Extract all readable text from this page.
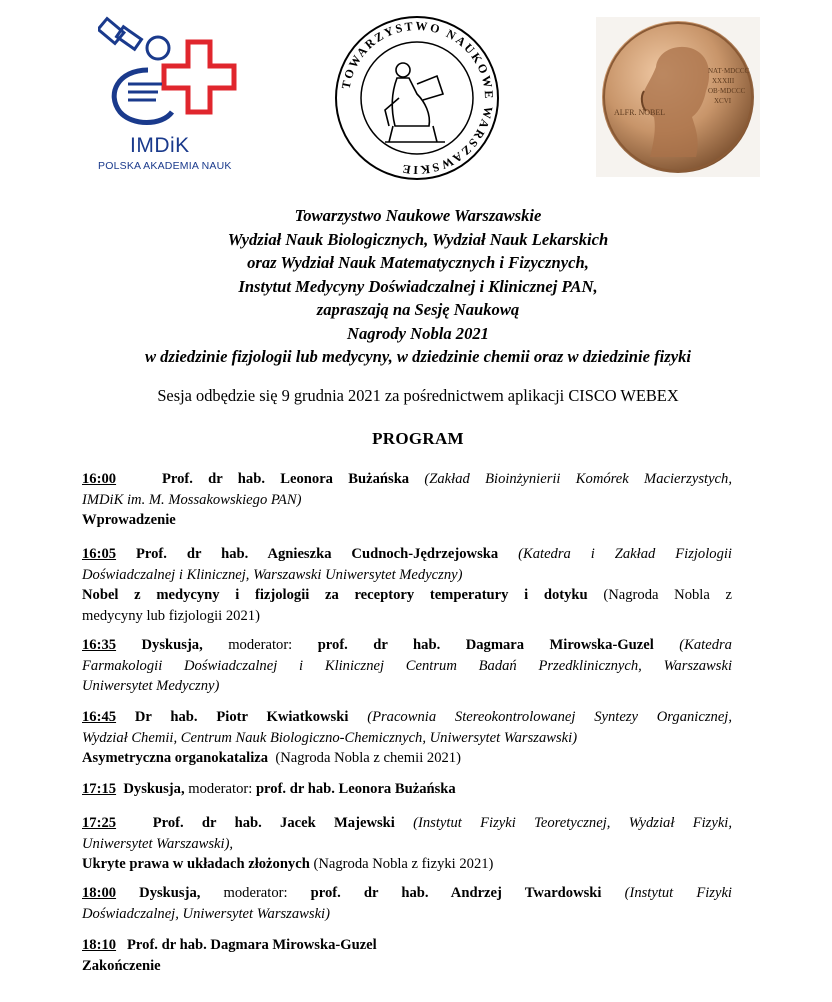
IMDiK
POLSKA AKADEMIA NAUK
TOWARZYSTWO NAUKOWE WARSZAWSKIE
NAT·MDCCC
XXXIII
OB·MDCCC
XCVI
ALFR. NOBEL
Towarzystwo Naukowe Warszawskie
Wydział Nauk Biologicznych, Wydział Nauk Lekarskich
oraz Wydział Nauk Matematycznych i Fizycznych,
Instytut Medycyny Doświadczalnej i Klinicznej PAN,
zapraszają na Sesję Naukową
Nagrody Nobla 2021
w dziedzinie fizjologii lub medycyny, w dziedzinie chemii oraz w dziedzinie fizyki
Sesja odbędzie się 9 grudnia 2021 za pośrednictwem aplikacji CISCO WEBEX
PROGRAM
16:00	Prof. dr hab. Leonora Bużańska (Zakład Bioinżynierii Komórek Macierzystych,
IMDiK im. M. Mossakowskiego PAN)
Wprowadzenie
16:05 Prof. dr hab. Agnieszka Cudnoch-Jędrzejowska (Katedra i Zakład Fizjologii
Doświadczalnej i Klinicznej, Warszawski Uniwersytet Medyczny)
Nobel z medycyny i fizjologii za receptory temperatury i dotyku (Nagroda Nobla z
medycyny lub fizjologii 2021)
16:35 Dyskusja, moderator: prof. dr hab. Dagmara Mirowska-Guzel (Katedra
Farmakologii Doświadczalnej i Klinicznej Centrum Badań Przedklinicznych, Warszawski
Uniwersytet Medyczny)
16:45 Dr hab. Piotr Kwiatkowski (Pracownia Stereokontrolowanej Syntezy Organicznej,
Wydział Chemii, Centrum Nauk Biologiczno-Chemicznych, Uniwersytet Warszawski)
Asymetryczna organokataliza (Nagroda Nobla z chemii 2021)
17:15 Dyskusja, moderator: prof. dr hab. Leonora Bużańska
17:25	Prof. dr hab. Jacek Majewski (Instytut Fizyki Teoretycznej, Wydział Fizyki,
Uniwersytet Warszawski),
Ukryte prawa w układach złożonych (Nagroda Nobla z fizyki 2021)
18:00 Dyskusja, moderator: prof. dr hab. Andrzej Twardowski (Instytut Fizyki
Doświadczalnej, Uniwersytet Warszawski)
18:10 Prof. dr hab. Dagmara Mirowska-Guzel
Zakończenie
